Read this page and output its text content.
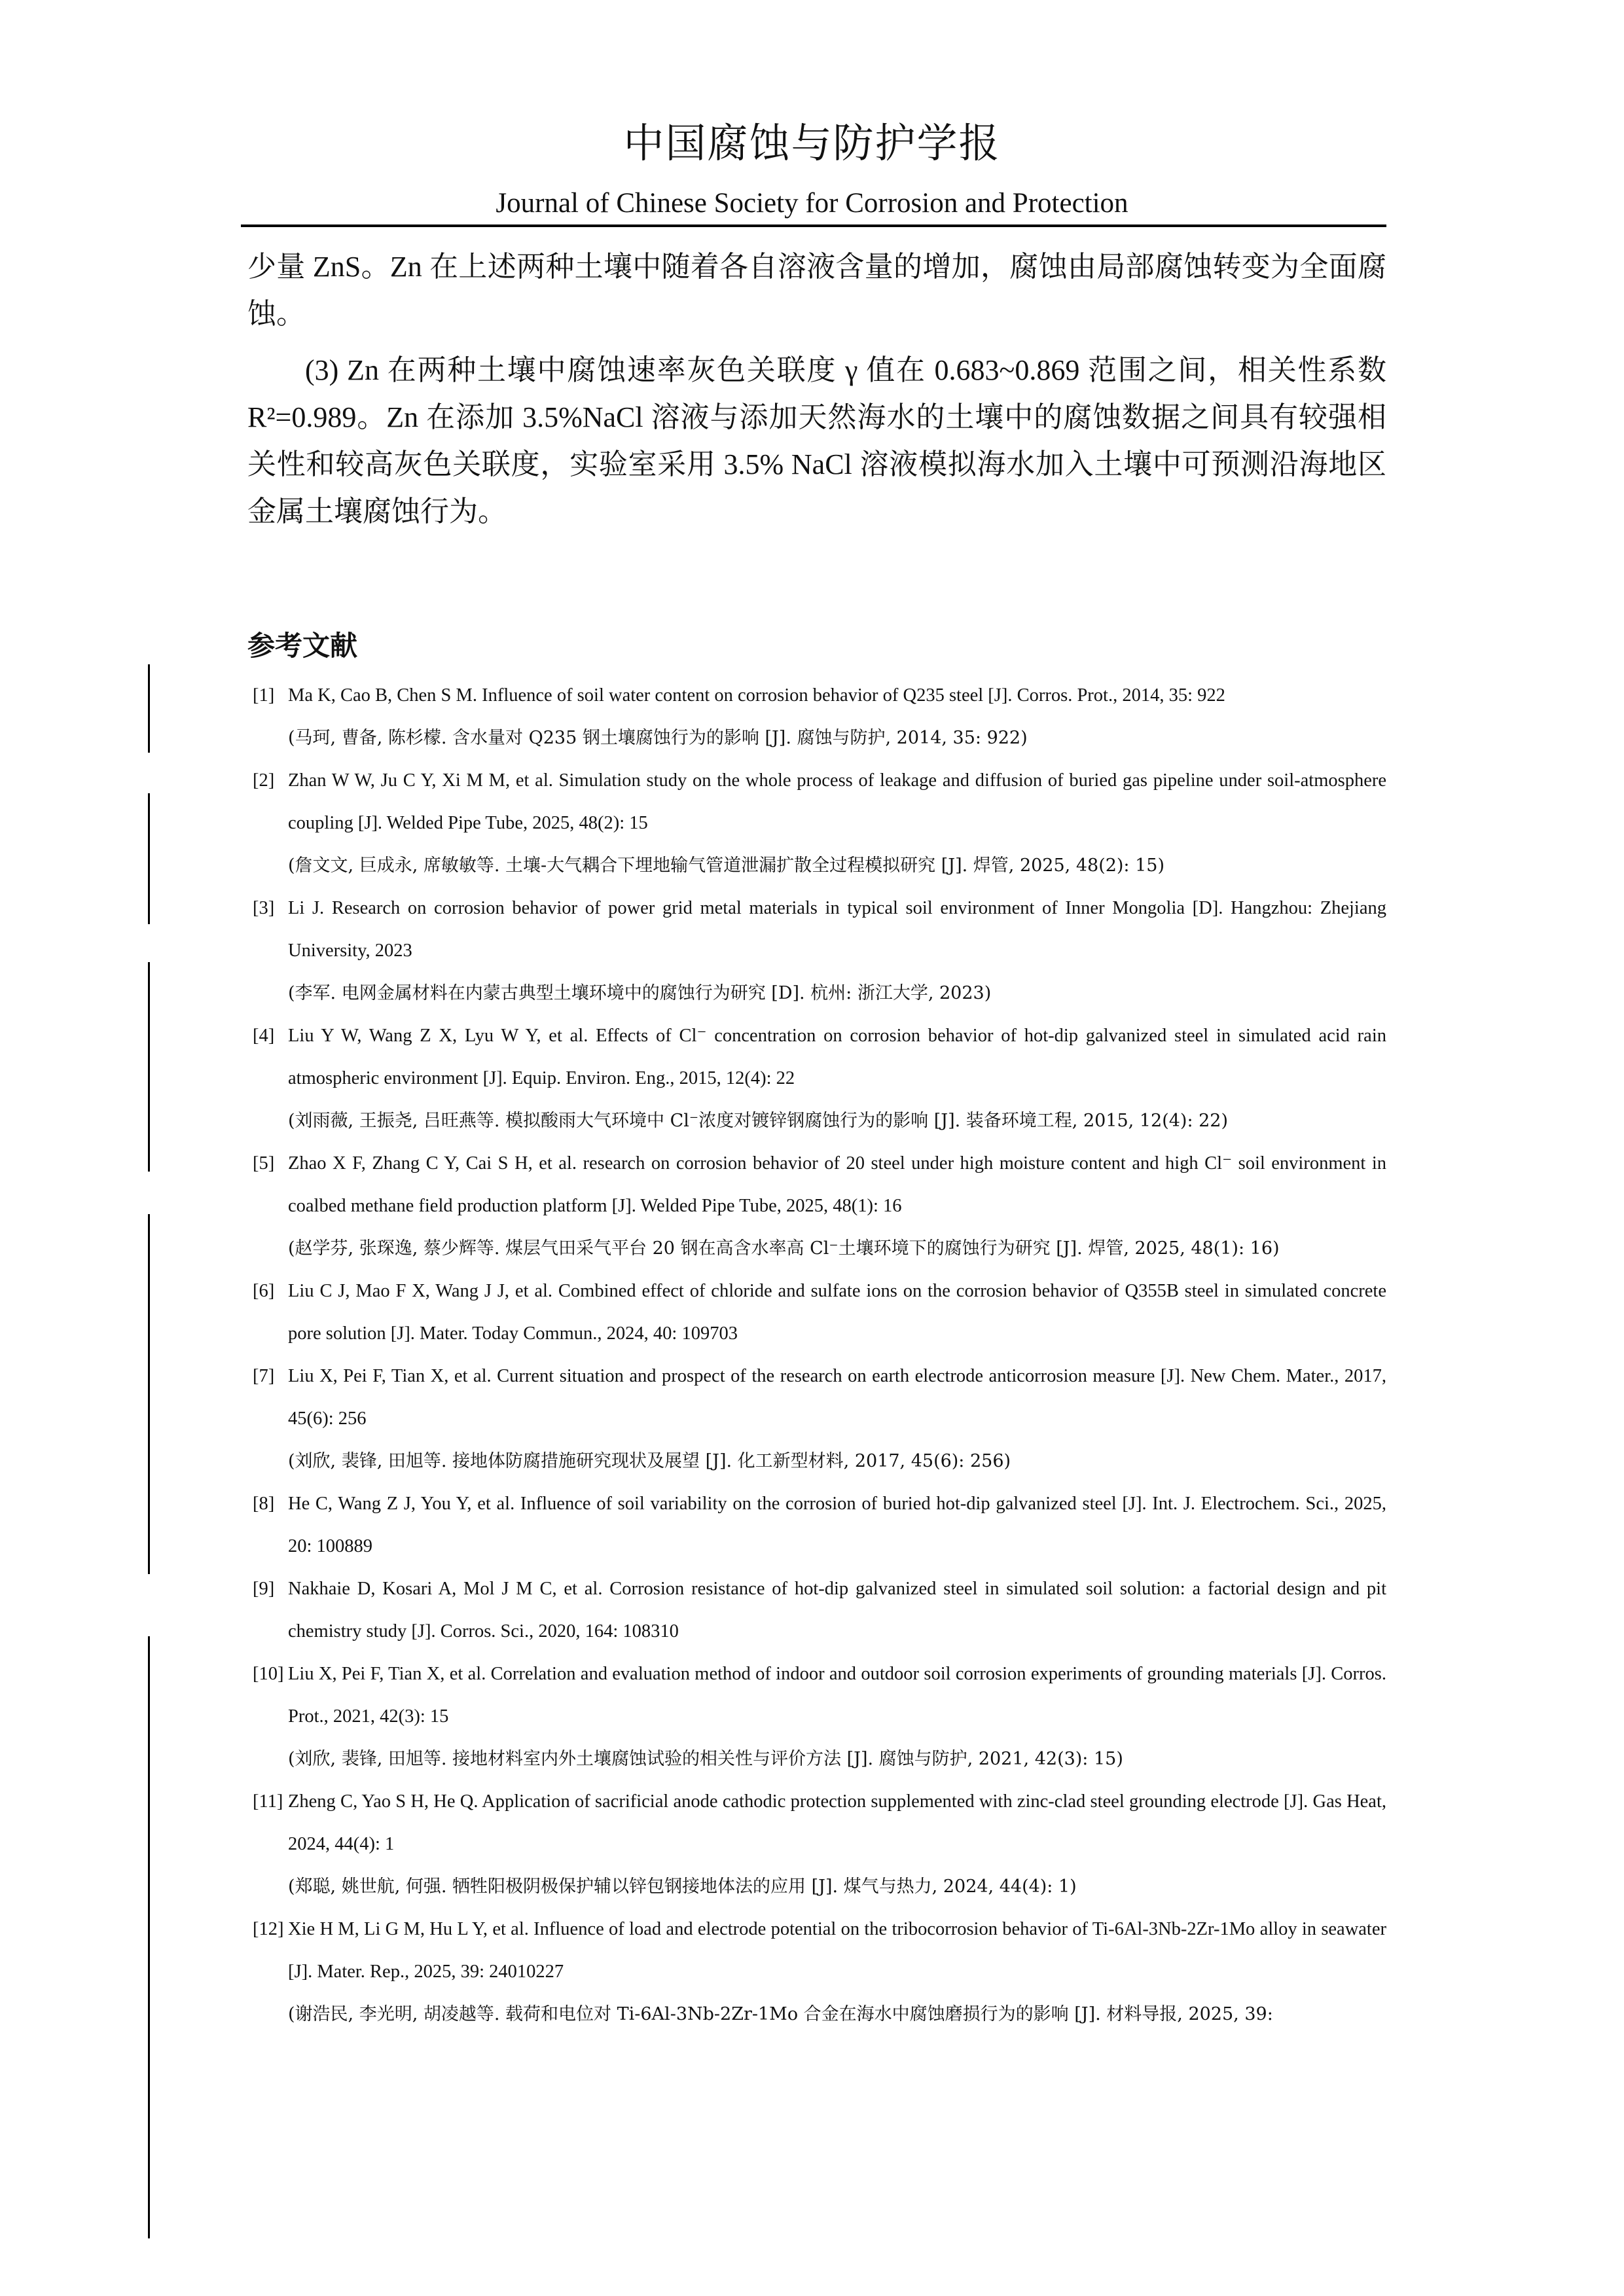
中国腐蚀与防护学报
Journal of Chinese Society for Corrosion and Protection
少量 ZnS。Zn 在上述两种土壤中随着各自溶液含量的增加，腐蚀由局部腐蚀转变为全面腐蚀。
(3) Zn 在两种土壤中腐蚀速率灰色关联度 γ 值在 0.683~0.869 范围之间，相关性系数 R²=0.989。Zn 在添加 3.5%NaCl 溶液与添加天然海水的土壤中的腐蚀数据之间具有较强相关性和较高灰色关联度，实验室采用 3.5% NaCl 溶液模拟海水加入土壤中可预测沿海地区金属土壤腐蚀行为。
参考文献
[1] Ma K, Cao B, Chen S M. Influence of soil water content on corrosion behavior of Q235 steel [J]. Corros. Prot., 2014, 35: 922
(马珂, 曹备, 陈杉檬. 含水量对 Q235 钢土壤腐蚀行为的影响 [J]. 腐蚀与防护, 2014, 35: 922)
[2] Zhan W W, Ju C Y, Xi M M, et al. Simulation study on the whole process of leakage and diffusion of buried gas pipeline under soil-atmosphere coupling [J]. Welded Pipe Tube, 2025, 48(2): 15
(詹文文, 巨成永, 席敏敏等. 土壤-大气耦合下埋地输气管道泄漏扩散全过程模拟研究 [J]. 焊管, 2025, 48(2): 15)
[3] Li J. Research on corrosion behavior of power grid metal materials in typical soil environment of Inner Mongolia [D]. Hangzhou: Zhejiang University, 2023
(李军. 电网金属材料在内蒙古典型土壤环境中的腐蚀行为研究 [D]. 杭州: 浙江大学, 2023)
[4] Liu Y W, Wang Z X, Lyu W Y, et al. Effects of Cl⁻ concentration on corrosion behavior of hot-dip galvanized steel in simulated acid rain atmospheric environment [J]. Equip. Environ. Eng., 2015, 12(4): 22
(刘雨薇, 王振尧, 吕旺燕等. 模拟酸雨大气环境中 Cl⁻浓度对镀锌钢腐蚀行为的影响 [J]. 装备环境工程, 2015, 12(4): 22)
[5] Zhao X F, Zhang C Y, Cai S H, et al. research on corrosion behavior of 20 steel under high moisture content and high Cl⁻ soil environment in coalbed methane field production platform [J]. Welded Pipe Tube, 2025, 48(1): 16
(赵学芬, 张琛逸, 蔡少辉等. 煤层气田采气平台 20 钢在高含水率高 Cl⁻土壤环境下的腐蚀行为研究 [J]. 焊管, 2025, 48(1): 16)
[6] Liu C J, Mao F X, Wang J J, et al. Combined effect of chloride and sulfate ions on the corrosion behavior of Q355B steel in simulated concrete pore solution [J]. Mater. Today Commun., 2024, 40: 109703
[7] Liu X, Pei F, Tian X, et al. Current situation and prospect of the research on earth electrode anticorrosion measure [J]. New Chem. Mater., 2017, 45(6): 256
(刘欣, 裴锋, 田旭等. 接地体防腐措施研究现状及展望 [J]. 化工新型材料, 2017, 45(6): 256)
[8] He C, Wang Z J, You Y, et al. Influence of soil variability on the corrosion of buried hot-dip galvanized steel [J]. Int. J. Electrochem. Sci., 2025, 20: 100889
[9] Nakhaie D, Kosari A, Mol J M C, et al. Corrosion resistance of hot-dip galvanized steel in simulated soil solution: a factorial design and pit chemistry study [J]. Corros. Sci., 2020, 164: 108310
[10] Liu X, Pei F, Tian X, et al. Correlation and evaluation method of indoor and outdoor soil corrosion experiments of grounding materials [J]. Corros. Prot., 2021, 42(3): 15
(刘欣, 裴锋, 田旭等. 接地材料室内外土壤腐蚀试验的相关性与评价方法 [J]. 腐蚀与防护, 2021, 42(3): 15)
[11] Zheng C, Yao S H, He Q. Application of sacrificial anode cathodic protection supplemented with zinc-clad steel grounding electrode [J]. Gas Heat, 2024, 44(4): 1
(郑聪, 姚世航, 何强. 牺牲阳极阴极保护辅以锌包钢接地体法的应用 [J]. 煤气与热力, 2024, 44(4): 1)
[12] Xie H M, Li G M, Hu L Y, et al. Influence of load and electrode potential on the tribocorrosion behavior of Ti-6Al-3Nb-2Zr-1Mo alloy in seawater [J]. Mater. Rep., 2025, 39: 24010227
(谢浩民, 李光明, 胡凌越等. 载荷和电位对 Ti-6Al-3Nb-2Zr-1Mo 合金在海水中腐蚀磨损行为的影响 [J]. 材料导报, 2025, 39:
